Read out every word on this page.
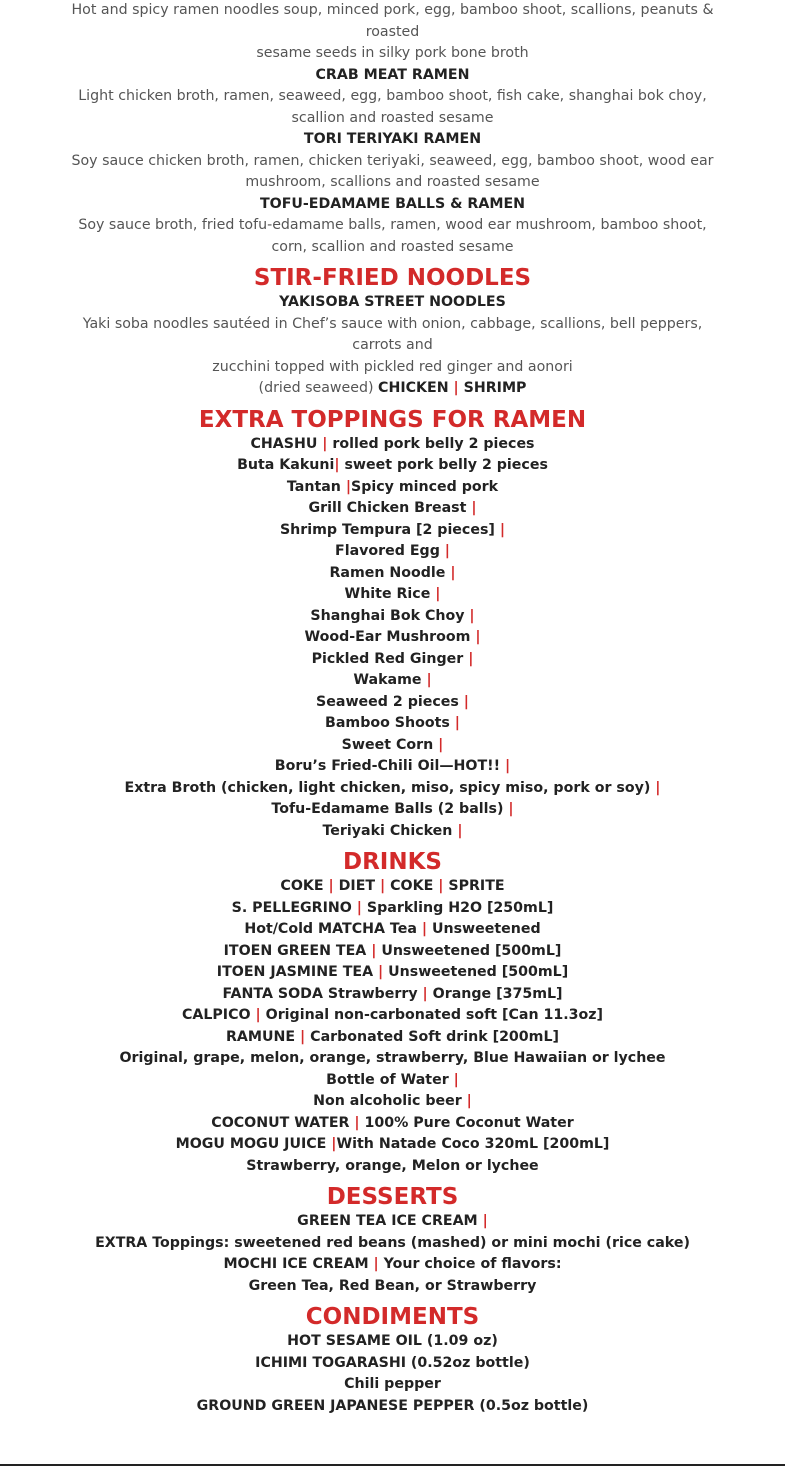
Hot and spicy ramen noodles soup, minced pork, egg, bamboo shoot, scallions, peanuts &
roasted
sesame seeds in silky pork bone broth
CRAB MEAT RAMEN
Light chicken broth, ramen, seaweed, egg, bamboo shoot, fish cake, shanghai bok choy,
scallion and roasted sesame
TORI TERIYAKI RAMEN
Soy sauce chicken broth, ramen, chicken teriyaki, seaweed, egg, bamboo shoot, wood ear
mushroom, scallions and roasted sesame
TOFU-EDAMAME BALLS & RAMEN
Soy sauce broth, fried tofu-edamame balls, ramen, wood ear mushroom, bamboo shoot,
corn, scallion and roasted sesame
STIR-FRIED NOODLES
YAKISOBA STREET NOODLES
Yaki soba noodles sautéed in Chef’s sauce with onion, cabbage, scallions, bell peppers,
carrots and
zucchini topped with pickled red ginger and aonori
(dried seaweed) CHICKEN | SHRIMP
EXTRA TOPPINGS FOR RAMEN
CHASHU | rolled pork belly 2 pieces
Buta Kakuni| sweet pork belly 2 pieces
Tantan |Spicy minced pork
Grill Chicken Breast |
Shrimp Tempura [2 pieces] |
Flavored Egg |
Ramen Noodle |
White Rice |
Shanghai Bok Choy |
Wood-Ear Mushroom |
Pickled Red Ginger |
Wakame |
Seaweed 2 pieces |
Bamboo Shoots |
Sweet Corn |
Boru’s Fried-Chili Oil—HOT!! |
Extra Broth (chicken, light chicken, miso, spicy miso, pork or soy) |
Tofu-Edamame Balls (2 balls) |
Teriyaki Chicken |
DRINKS
COKE | DIET | COKE | SPRITE
S. PELLEGRINO | Sparkling H2O [250mL]
Hot/Cold MATCHA Tea | Unsweetened
ITOEN GREEN TEA | Unsweetened [500mL]
ITOEN JASMINE TEA | Unsweetened [500mL]
FANTA SODA Strawberry | Orange [375mL]
CALPICO | Original non-carbonated soft [Can 11.3oz]
RAMUNE | Carbonated Soft drink [200mL]
Original, grape, melon, orange, strawberry, Blue Hawaiian or lychee
Bottle of Water |
Non alcoholic beer |
COCONUT WATER | 100% Pure Coconut Water
MOGU MOGU JUICE |With Natade Coco 320mL [200mL]
Strawberry, orange, Melon or lychee
DESSERTS
GREEN TEA ICE CREAM |
EXTRA Toppings: sweetened red beans (mashed) or mini mochi (rice cake)
MOCHI ICE CREAM | Your choice of flavors:
Green Tea, Red Bean, or Strawberry
CONDIMENTS
HOT SESAME OIL (1.09 oz)
ICHIMI TOGARASHI (0.52oz bottle)
Chili pepper
GROUND GREEN JAPANESE PEPPER (0.5oz bottle)
